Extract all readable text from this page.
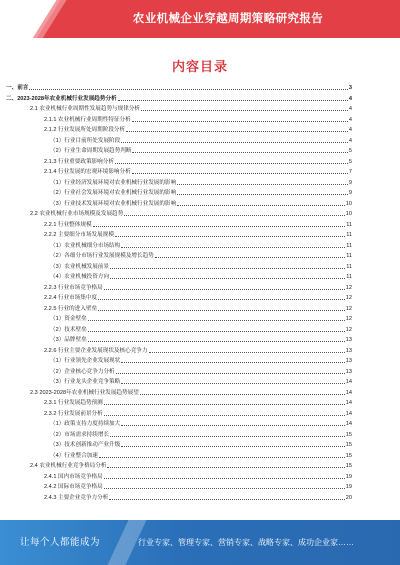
农业机械企业穿越周期策略研究报告
内容目录
一、前言	3
二、2023-2028年农业机械行业发展趋势分析	4
2.1 农业机械行业周期性发展趋势与规律分析	4
2.1.1 农业机械行业周期性特征分析	4
2.1.2 行业发展所处周期阶段分析	4
（1）行业目前所处发展阶段	4
（2）行业生命周期发展趋势判断	5
2.1.3 行业重要政策影响分析	5
2.1.4 行业发展的宏观环境影响分析	7
（1）行业经济发展环境对农业机械行业发展的影响	9
（2）行业社会发展环境对农业机械行业发展的影响	9
（3）行业技术发展环境对农业机械行业发展的影响	10
2.2 农业机械行业市场规模及发展趋势	10
2.2.1 行业整体规模	11
2.2.2 主要细分市场发展规模	11
（1）农业机械细分市场结构	11
（2）各细分市场行业发展规模及增长趋势	11
（3）农业机械发展前景	11
（4）农业机械投资方向	11
2.2.3 行业市场竞争格局	12
2.2.4 行业市场集中度	12
2.2.5 行业的进入壁垒	12
（1）资金壁垒	12
（2）技术壁垒	12
（3）品牌壁垒	13
2.2.6 行业主要企业发展现状及核心竞争力	13
（1）行业领先企业发展现状	13
（2）企业核心竞争力分析	13
（3）行业龙头企业竞争策略	14
2.3 2023-2028年农业机械行业发展趋势展望	14
2.3.1 行业发展趋势预测	14
2.3.2 行业发展前景分析	14
（1）政策支持力度持续加大	14
（2）市场需求持续增长	15
（3）技术创新推动产业升级	15
（4）行业整合加速	15
2.4 农业机械行业竞争格局分析	15
2.4.1 国内市场竞争格局	19
2.4.2 国际市场竞争格局	19
2.4.3 主要企业竞争力分析	20
让每个人都能成为	行业专家、管理专家、营销专家、战略专家、成功企业家……
